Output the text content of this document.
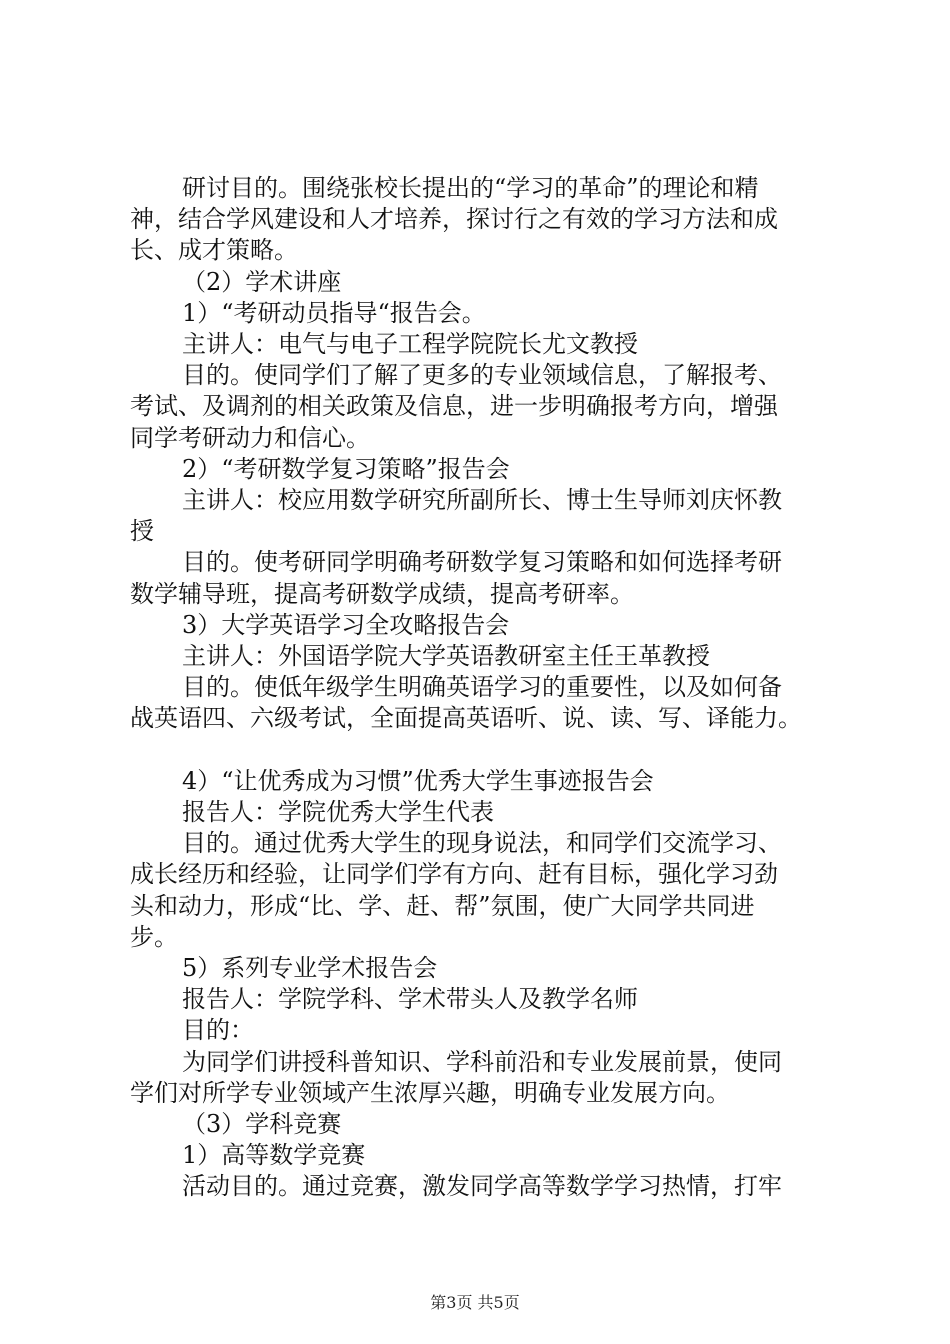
研讨目的。围绕张校长提出的“学习的革命”的理论和精

神，结合学风建设和人才培养，探讨行之有效的学习方法和成

长、成才策略。

（2）学术讲座

1）“考研动员指导“报告会。

主讲人：电气与电子工程学院院长尤文教授

目的。使同学们了解了更多的专业领域信息，了解报考、

考试、及调剂的相关政策及信息，进一步明确报考方向，增强

同学考研动力和信心。

2）“考研数学复习策略”报告会

主讲人：校应用数学研究所副所长、博士生导师刘庆怀教

授

目的。使考研同学明确考研数学复习策略和如何选择考研

数学辅导班，提高考研数学成绩，提高考研率。

3）大学英语学习全攻略报告会

主讲人：外国语学院大学英语教研室主任王革教授

目的。使低年级学生明确英语学习的重要性，以及如何备

战英语四、六级考试，全面提高英语听、说、读、写、译能力。

4）“让优秀成为习惯”优秀大学生事迹报告会

报告人：学院优秀大学生代表

目的。通过优秀大学生的现身说法，和同学们交流学习、

成长经历和经验，让同学们学有方向、赶有目标，强化学习劲

头和动力，形成“比、学、赶、帮”氛围，使广大同学共同进

步。

5）系列专业学术报告会

报告人：学院学科、学术带头人及教学名师

目的：

为同学们讲授科普知识、学科前沿和专业发展前景，使同

学们对所学专业领域产生浓厚兴趣，明确专业发展方向。

（3）学科竞赛

1）高等数学竞赛

活动目的。通过竞赛，激发同学高等数学学习热情，打牢

第3页 共5页
